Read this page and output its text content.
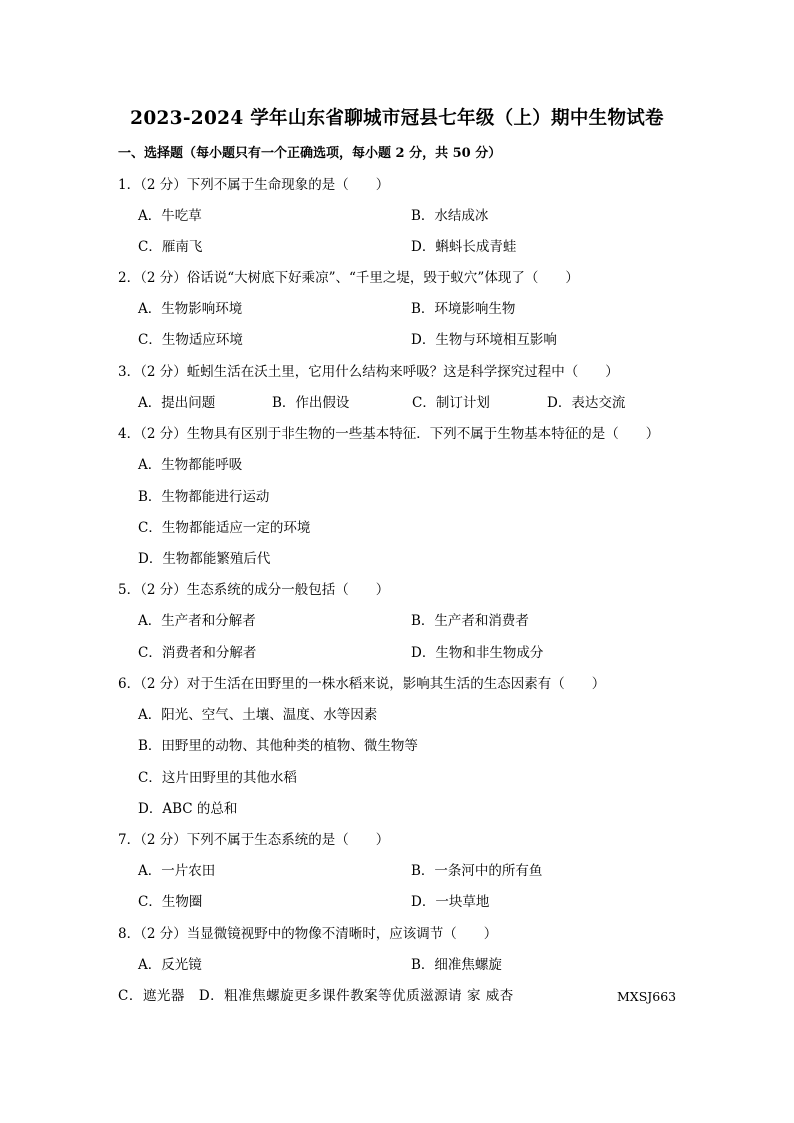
2023-2024 学年山东省聊城市冠县七年级（上）期中生物试卷
一、选择题（每小题只有一个正确选项，每小题 2 分，共 50 分）
1．（2 分）下列不属于生命现象的是（　　）
A．牛吃草	B．水结成冰
C．雁南飞	D．蝌蚪长成青蛙
2．（2 分）俗话说“大树底下好乘凉”、“千里之堤，毁于蚁穴”体现了（　　）
A．生物影响环境	B．环境影响生物
C．生物适应环境	D．生物与环境相互影响
3．（2 分）蚯蚓生活在沃土里，它用什么结构来呼吸？这是科学探究过程中（　　）
A．提出问题	B．作出假设	C．制订计划	D．表达交流
4．（2 分）生物具有区别于非生物的一些基本特征．下列不属于生物基本特征的是（　　）
A．生物都能呼吸
B．生物都能进行运动
C．生物都能适应一定的环境
D．生物都能繁殖后代
5．（2 分）生态系统的成分一般包括（　　）
A．生产者和分解者	B．生产者和消费者
C．消费者和分解者	D．生物和非生物成分
6．（2 分）对于生活在田野里的一株水稻来说，影响其生活的生态因素有（　　）
A．阳光、空气、土壤、温度、水等因素
B．田野里的动物、其他种类的植物、微生物等
C．这片田野里的其他水稻
D．ABC 的总和
7．（2 分）下列不属于生态系统的是（　　）
A．一片农田	B．一条河中的所有鱼
C．生物圈	D．一块草地
8．（2 分）当显微镜视野中的物像不清晰时，应该调节（　　）
A．反光镜	B．细准焦螺旋
C．遮光器　D．粗准焦螺旋更多课件教案等优质滋源请 家 威杏	MXSJ663
